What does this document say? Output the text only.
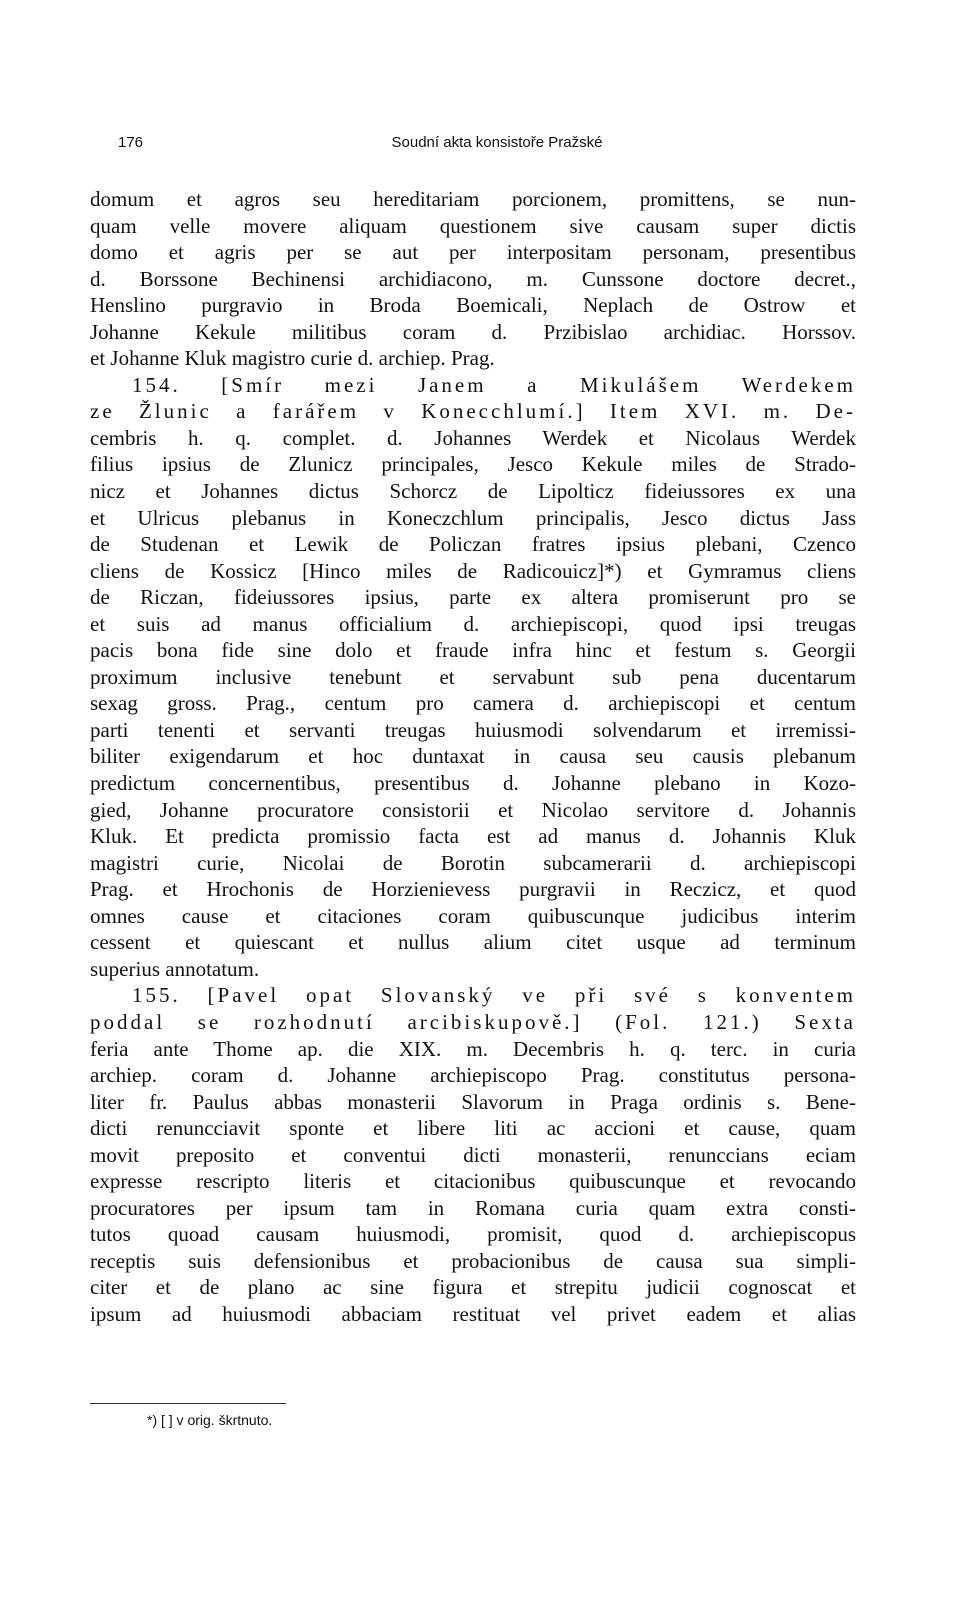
176	Soudní akta konsistoře Pražské
domum et agros seu hereditariam porcionem, promittens, se nun-
quam velle movere aliquam questionem sive causam super dictis
domo et agris per se aut per interpositam personam, presentibus
d. Borssone Bechinensi archidiacono, m. Cunssone doctore decret.,
Henslino purgravio in Broda Boemicali, Neplach de Ostrow et
Johanne Kekule militibus coram d. Przibislao archidiac. Horssov.
et Johanne Kluk magistro curie d. archiep. Prag.
154. [Smír mezi Janem a Mikulášem Werdekem
ze Žlunic a farářem v Konecchlumí.] Item XVI. m. De-
cembris h. q. complet. d. Johannes Werdek et Nicolaus Werdek
filius ipsius de Zlunicz principales, Jesco Kekule miles de Strado-
nicz et Johannes dictus Schorcz de Lipolticz fideiussores ex una
et Ulricus plebanus in Koneczchlum principalis, Jesco dictus Jass
de Studenan et Lewik de Policzan fratres ipsius plebani, Czenco
cliens de Kossicz [Hinco miles de Radicouicz]*) et Gymramus cliens
de Riczan, fideiussores ipsius, parte ex altera promiserunt pro se
et suis ad manus officialium d. archiepiscopi, quod ipsi treugas
pacis bona fide sine dolo et fraude infra hinc et festum s. Georgii
proximum inclusive tenebunt et servabunt sub pena ducentarum
sexag gross. Prag., centum pro camera d. archiepiscopi et centum
parti tenenti et servanti treugas huiusmodi solvendarum et irremissi-
biliter exigendarum et hoc duntaxat in causa seu causis plebanum
predictum concernentibus, presentibus d. Johanne plebano in Kozo-
gied, Johanne procuratore consistorii et Nicolao servitore d. Johannis
Kluk. Et predicta promissio facta est ad manus d. Johannis Kluk
magistri curie, Nicolai de Borotin subcamerarii d. archiepiscopi
Prag. et Hrochonis de Horzienievess purgravii in Reczicz, et quod
omnes cause et citaciones coram quibuscunque judicibus interim
cessent et quiescant et nullus alium citet usque ad terminum
superius annotatum.
155. [Pavel opat Slovanský ve při své s konventem
poddal se rozhodnutí arcibiskupově.] (Fol. 121.) Sexta
feria ante Thome ap. die XIX. m. Decembris h. q. terc. in curia
archiep. coram d. Johanne archiepiscopo Prag. constitutus persona-
liter fr. Paulus abbas monasterii Slavorum in Praga ordinis s. Bene-
dicti renuncciavit sponte et libere liti ac accioni et cause, quam
movit preposito et conventui dicti monasterii, renunccians eciam
expresse rescripto literis et citacionibus quibuscunque et revocando
procuratores per ipsum tam in Romana curia quam extra consti-
tutos quoad causam huiusmodi, promisit, quod d. archiepiscopus
receptis suis defensionibus et probacionibus de causa sua simpli-
citer et de plano ac sine figura et strepitu judicii cognoscat et
ipsum ad huiusmodi abbaciam restituat vel privet eadem et alias
*) [ ] v orig. škrtnuto.
